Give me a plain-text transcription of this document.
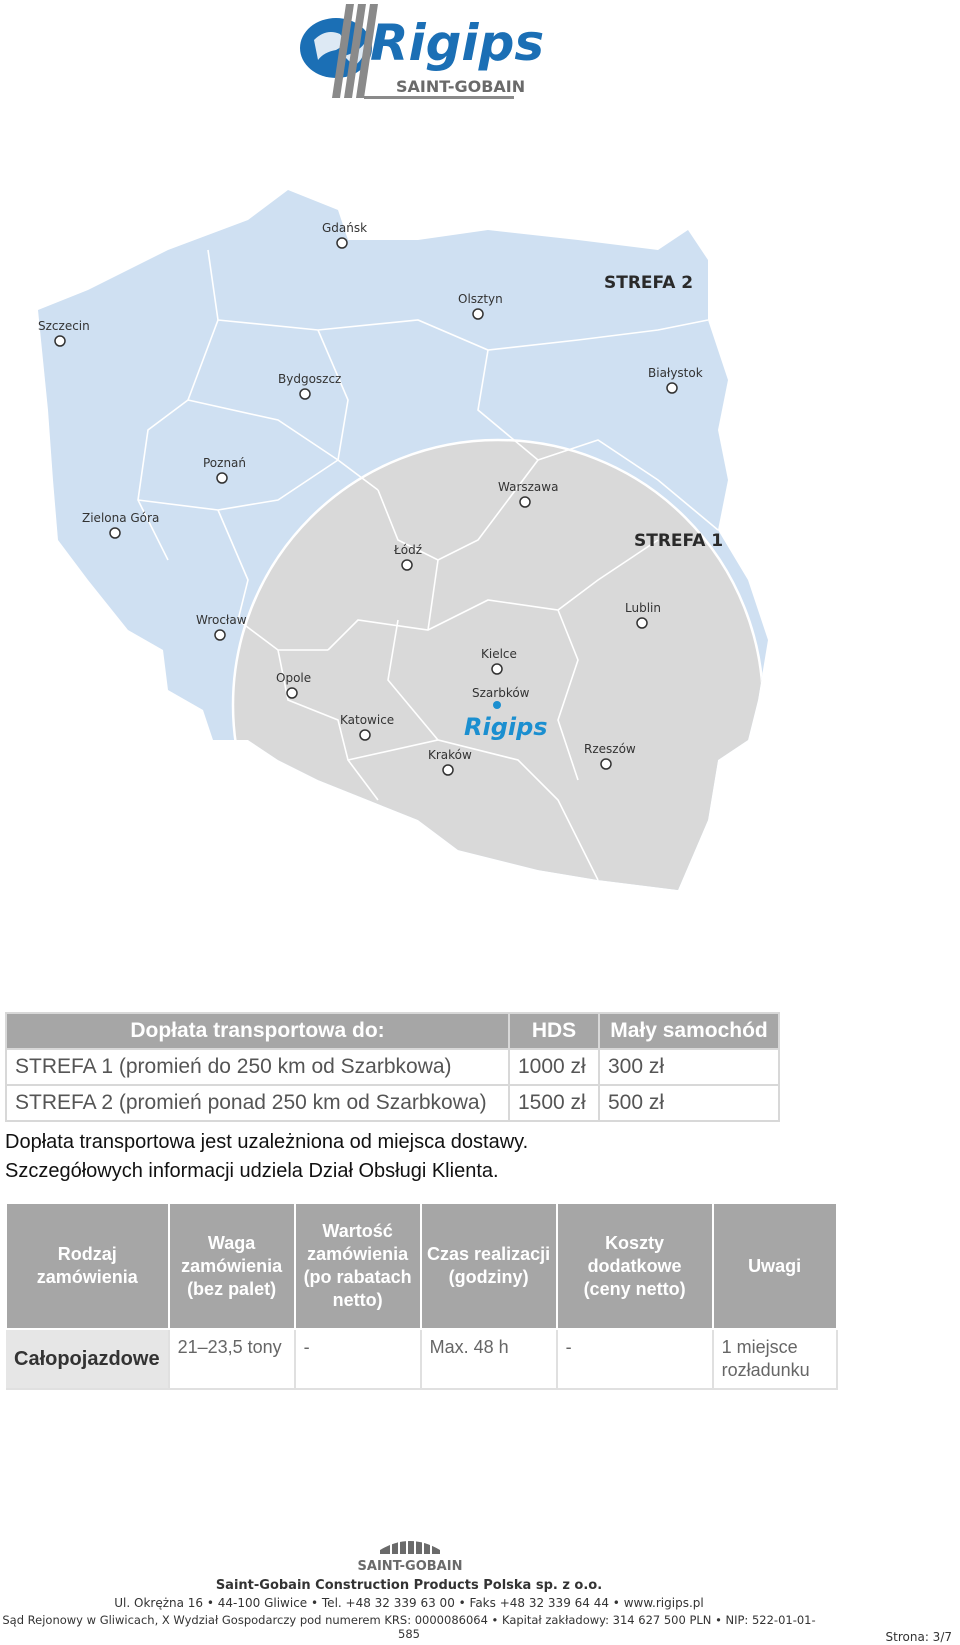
Rigips
SAINT-GOBAIN
STREFA 2
STREFA 1
Gdańsk
Szczecin
Olsztyn
Bydgoszcz	Białystok
Poznań
Zielona Góra
Warszawa
Łódź
Wrocław
Lublin
Opole
Kielce
Szarbków
Rigips
Katowice
Kraków	Rzeszów
Dopłata transportowa do:	HDS	Mały samochód
STREFA 1 (promień do 250 km od Szarbkowa)	1000 zł	300 zł
STREFA 2 (promień ponad 250 km od Szarbkowa)	1500 zł	500 zł
Dopłata transportowa jest uzależniona od miejsca dostawy.
Szczegółowych informacji udziela Dział Obsługi Klienta.
Rodzaj zamówienia	Waga zamówienia (bez palet)	Wartość zamówienia (po rabatach netto)	Czas realizacji (godziny)	Koszty dodatkowe (ceny netto)	Uwagi
Całopojazdowe	21–23,5 tony	-	Max. 48 h	-	1 miejsce rozładunku
SAINT-GOBAIN
Saint-Gobain Construction Products Polska sp. z o.o.
Ul. Okrężna 16 • 44-100 Gliwice • Tel. +48 32 339 63 00 • Faks +48 32 339 64 44 • www.rigips.pl
Sąd Rejonowy w Gliwicach, X Wydział Gospodarczy pod numerem KRS: 0000086064 • Kapitał zakładowy: 314 627 500 PLN • NIP: 522-01-01-585	Strona: 3/7
